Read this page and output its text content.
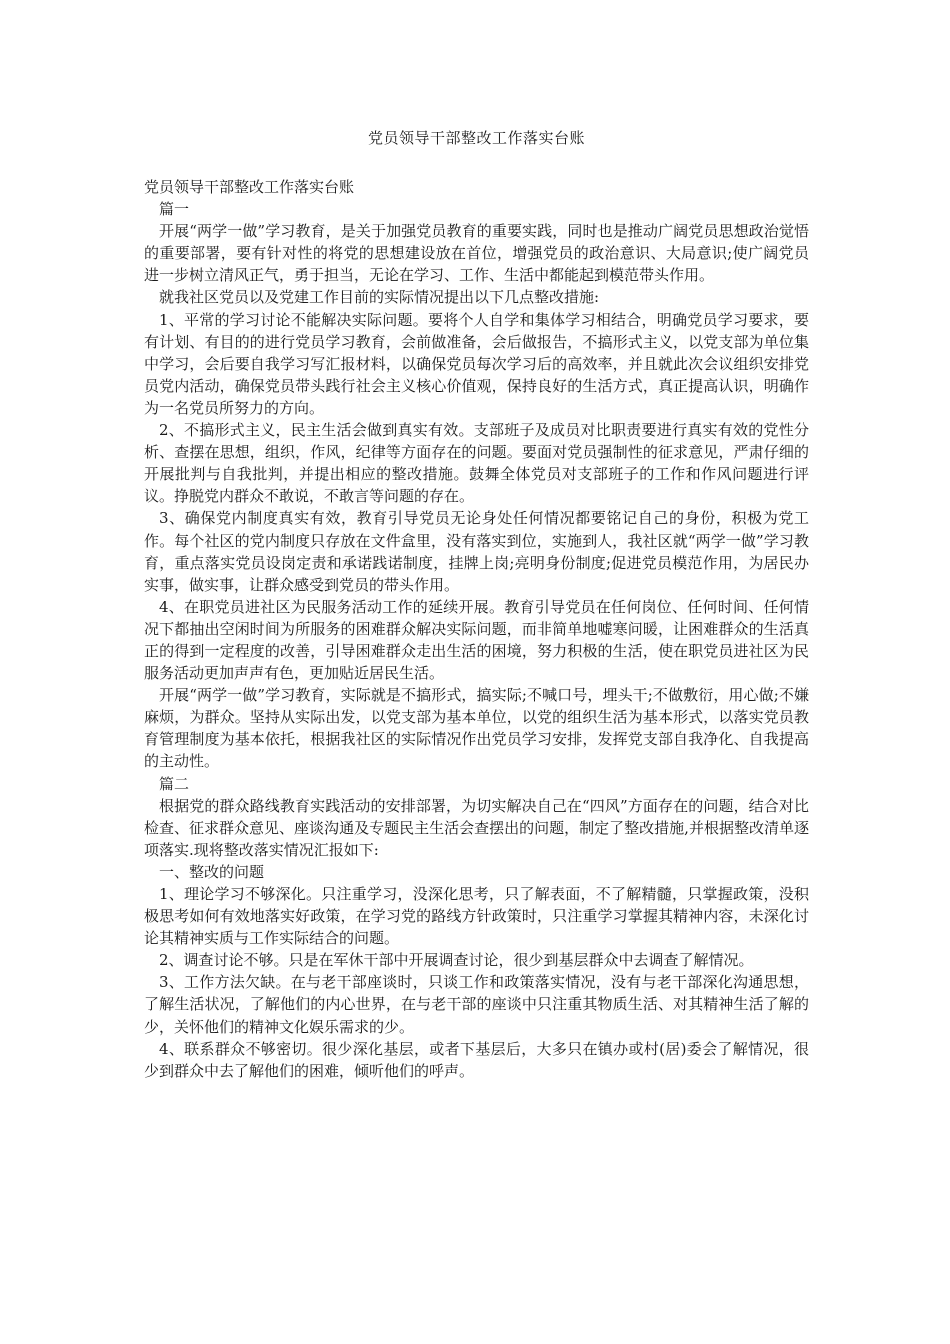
党员领导干部整改工作落实台账

党员领导干部整改工作落实台账

篇一

开展“两学一做”学习教育，是关于加强党员教育的重要实践，同时也是推动广阔党员思想政治觉悟的重要部署，要有针对性的将党的思想建设放在首位，增强党员的政治意识、大局意识;使广阔党员进一步树立清风正气，勇于担当，无论在学习、工作、生活中都能起到模范带头作用。

就我社区党员以及党建工作目前的实际情况提出以下几点整改措施:

1、平常的学习讨论不能解决实际问题。要将个人自学和集体学习相结合，明确党员学习要求，要有计划、有目的的进行党员学习教育，会前做准备，会后做报告，不搞形式主义，以党支部为单位集中学习，会后要自我学习写汇报材料，以确保党员每次学习后的高效率，并且就此次会议组织安排党员党内活动，确保党员带头践行社会主义核心价值观，保持良好的生活方式，真正提高认识，明确作为一名党员所努力的方向。

2、不搞形式主义，民主生活会做到真实有效。支部班子及成员对比职责要进行真实有效的党性分析、查摆在思想，组织，作风，纪律等方面存在的问题。要面对党员强制性的征求意见，严肃仔细的开展批判与自我批判，并提出相应的整改措施。鼓舞全体党员对支部班子的工作和作风问题进行评议。挣脱党内群众不敢说，不敢言等问题的存在。

3、确保党内制度真实有效，教育引导党员无论身处任何情况都要铭记自己的身份，积极为党工作。每个社区的党内制度只存放在文件盒里，没有落实到位，实施到人，我社区就“两学一做”学习教育，重点落实党员设岗定责和承诺践诺制度，挂牌上岗;亮明身份制度;促进党员模范作用，为居民办实事，做实事，让群众感受到党员的带头作用。

4、在职党员进社区为民服务活动工作的延续开展。教育引导党员在任何岗位、任何时间、任何情况下都抽出空闲时间为所服务的困难群众解决实际问题，而非简单地嘘寒问暖，让困难群众的生活真正的得到一定程度的改善，引导困难群众走出生活的困境，努力积极的生活，使在职党员进社区为民服务活动更加声声有色，更加贴近居民生活。

开展“两学一做”学习教育，实际就是不搞形式，搞实际;不喊口号，埋头干;不做敷衍，用心做;不嫌麻烦，为群众。坚持从实际出发，以党支部为基本单位，以党的组织生活为基本形式，以落实党员教育管理制度为基本依托，根据我社区的实际情况作出党员学习安排，发挥党支部自我净化、自我提高的主动性。

篇二

根据党的群众路线教育实践活动的安排部署，为切实解决自己在“四风”方面存在的问题，结合对比检查、征求群众意见、座谈沟通及专题民主生活会查摆出的问题，制定了整改措施,并根据整改清单逐项落实.现将整改落实情况汇报如下:

一、整改的问题

1、理论学习不够深化。只注重学习，没深化思考，只了解表面，不了解精髓，只掌握政策，没积极思考如何有效地落实好政策，在学习党的路线方针政策时，只注重学习掌握其精神内容，未深化讨论其精神实质与工作实际结合的问题。

2、调查讨论不够。只是在军休干部中开展调查讨论，很少到基层群众中去调查了解情况。

3、工作方法欠缺。在与老干部座谈时，只谈工作和政策落实情况，没有与老干部深化沟通思想，了解生活状况，了解他们的内心世界，在与老干部的座谈中只注重其物质生活、对其精神生活了解的少，关怀他们的精神文化娱乐需求的少。

4、联系群众不够密切。很少深化基层，或者下基层后，大多只在镇办或村(居)委会了解情况，很少到群众中去了解他们的困难，倾听他们的呼声。
